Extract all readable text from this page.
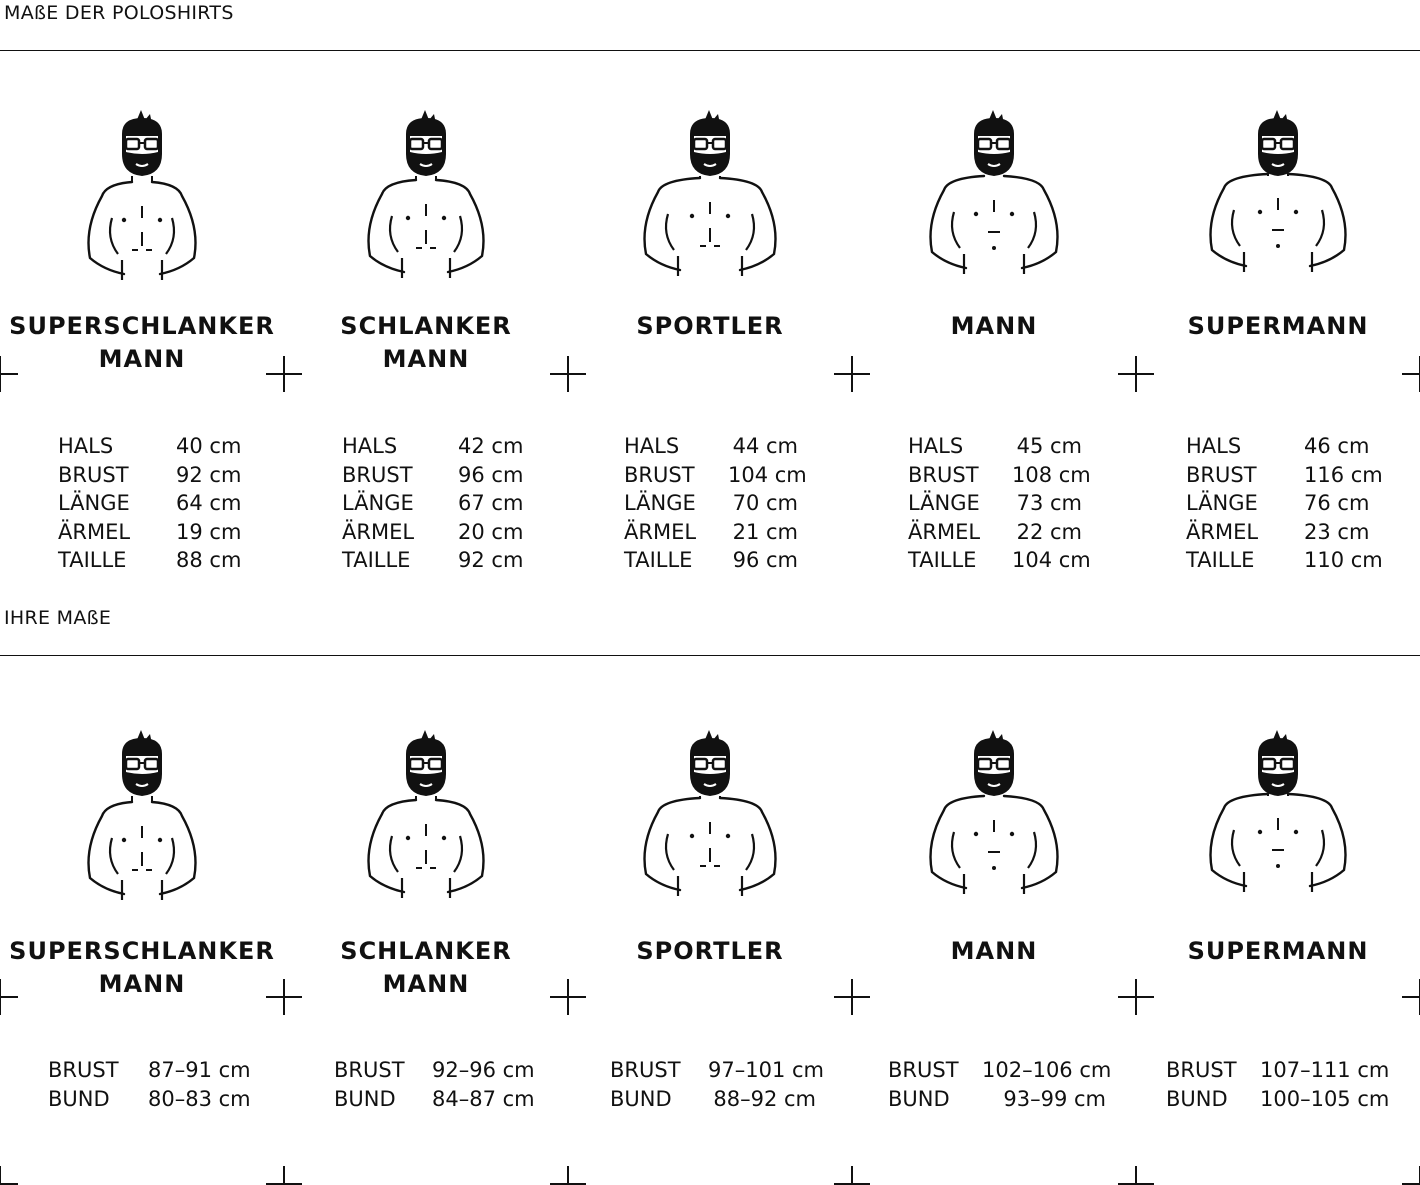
MAßE DER POLOSHIRTS
SUPERSCHLANKER
MANN
HALS	40 cm
BRUST	92 cm
LÄNGE	64 cm
ÄRMEL	19 cm
TAILLE	88 cm
SCHLANKER
MANN
HALS	42 cm
BRUST	96 cm
LÄNGE	67 cm
ÄRMEL	20 cm
TAILLE	92 cm
SPORTLER
HALS	44 cm
BRUST	104 cm
LÄNGE	70 cm
ÄRMEL	21 cm
TAILLE	96 cm
MANN
HALS	45 cm
BRUST	108 cm
LÄNGE	73 cm
ÄRMEL	22 cm
TAILLE	104 cm
SUPERMANN
HALS	46 cm
BRUST	116 cm
LÄNGE	76 cm
ÄRMEL	23 cm
TAILLE	110 cm
IHRE MAßE
SUPERSCHLANKER
MANN
BRUST	87–91 cm
BUND	80–83 cm
SCHLANKER
MANN
BRUST	92–96 cm
BUND	84–87 cm
SPORTLER
BRUST	97–101 cm
BUND	88–92 cm
MANN
BRUST	102–106 cm
BUND	93–99 cm
SUPERMANN
BRUST	107–111 cm
BUND	100–105 cm
